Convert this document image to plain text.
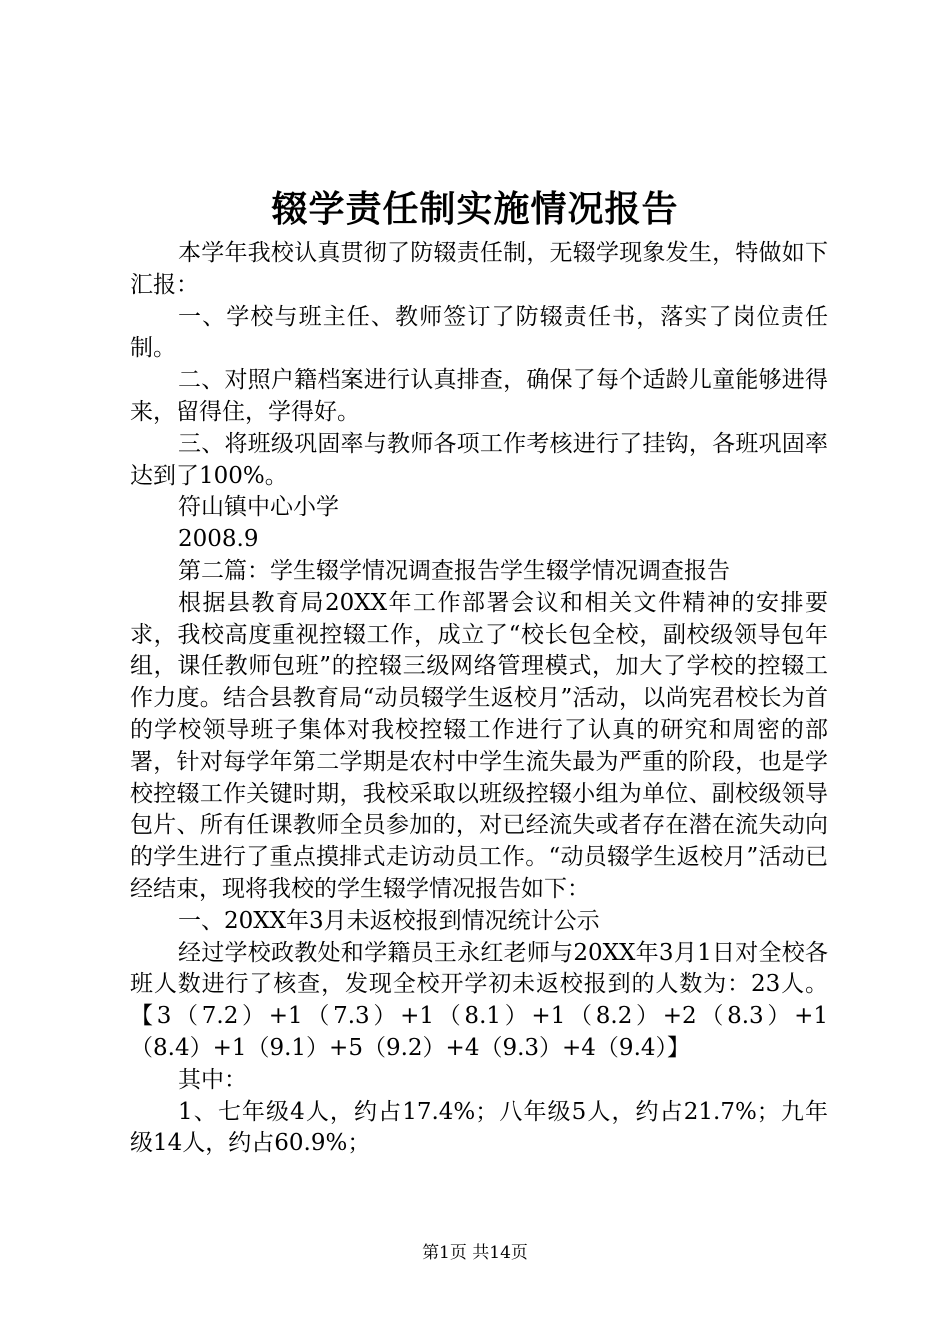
辍学责任制实施情况报告

本学年我校认真贯彻了防辍责任制，无辍学现象发生，特做如下汇报：

一、学校与班主任、教师签订了防辍责任书，落实了岗位责任制。

二、对照户籍档案进行认真排查，确保了每个适龄儿童能够进得来，留得住，学得好。

三、将班级巩固率与教师各项工作考核进行了挂钩，各班巩固率达到了100%。

符山镇中心小学

2008.9

第二篇：学生辍学情况调查报告学生辍学情况调查报告

根据县教育局20XX年工作部署会议和相关文件精神的安排要求，我校高度重视控辍工作，成立了“校长包全校，副校级领导包年组，课任教师包班”的控辍三级网络管理模式，加大了学校的控辍工作力度。结合县教育局“动员辍学生返校月”活动，以尚宪君校长为首的学校领导班子集体对我校控辍工作进行了认真的研究和周密的部署，针对每学年第二学期是农村中学生流失最为严重的阶段，也是学校控辍工作关键时期，我校采取以班级控辍小组为单位、副校级领导包片、所有任课教师全员参加的，对已经流失或者存在潜在流失动向的学生进行了重点摸排式走访动员工作。“动员辍学生返校月”活动已经结束，现将我校的学生辍学情况报告如下：

一、20XX年3月未返校报到情况统计公示

经过学校政教处和学籍员王永红老师与20XX年3月1日对全校各班人数进行了核查，发现全校开学初未返校报到的人数为：23人。

【3（7.2）+1（7.3）+1（8.1）+1（8.2）+2（8.3）+1（8.4）+1（9.1）+5（9.2）+4（9.3）+4（9.4）】

其中：

1、七年级4人，约占17.4%；八年级5人，约占21.7%；九年级14人，约占60.9%；

第1页 共14页
